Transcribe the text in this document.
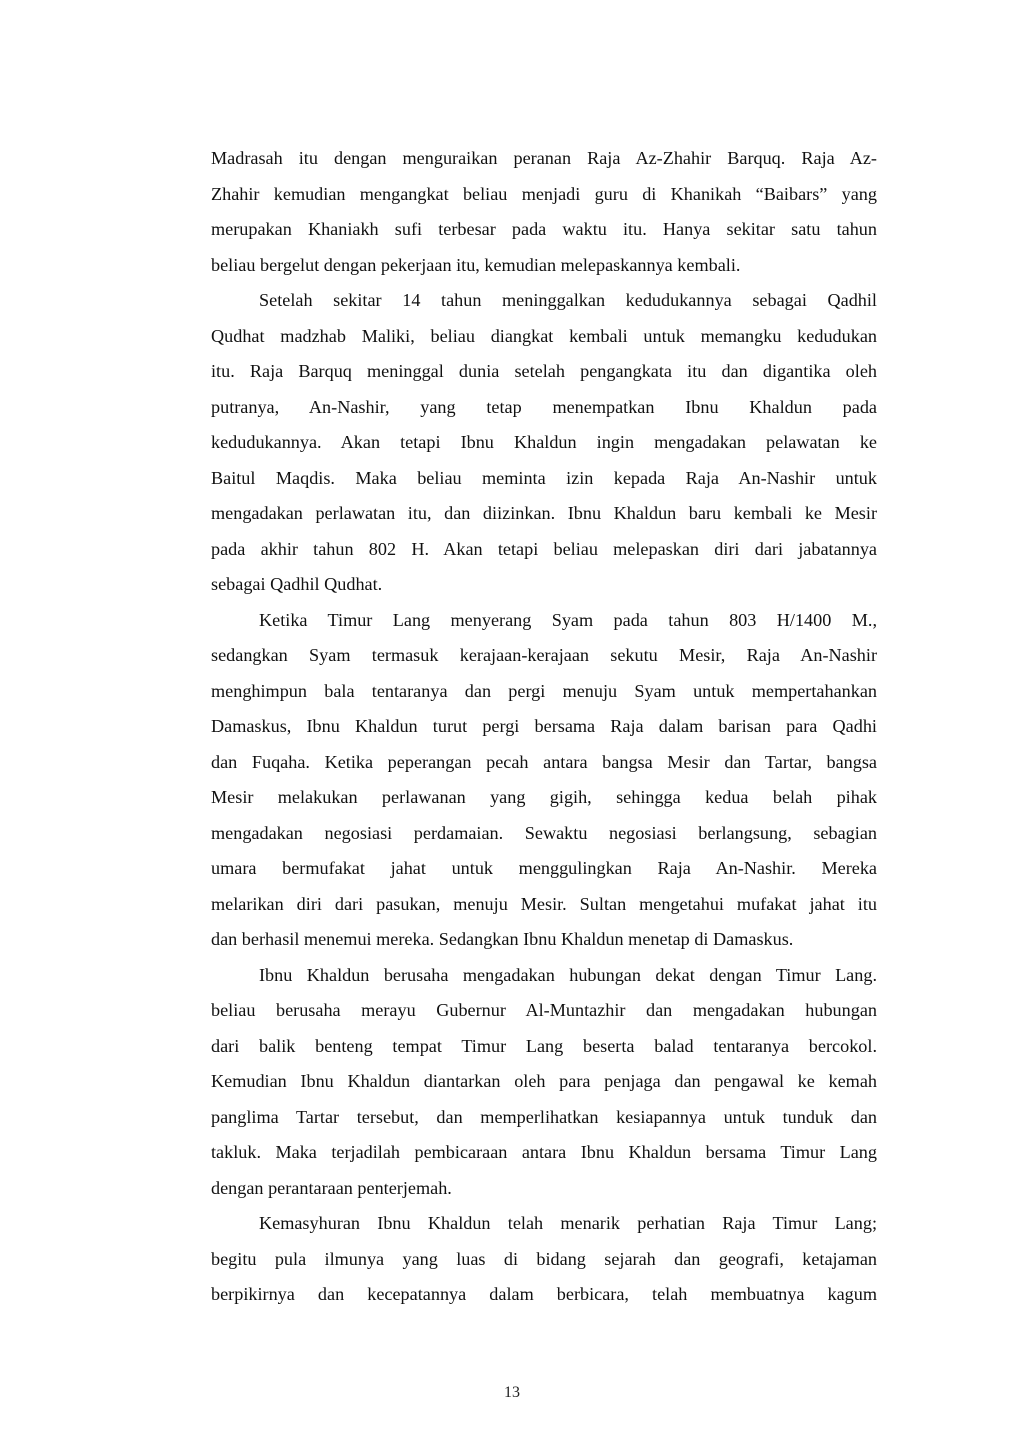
Madrasah itu dengan menguraikan peranan Raja Az-Zhahir Barquq. Raja Az-
Zhahir kemudian mengangkat beliau menjadi guru di Khanikah “Baibars” yang
merupakan Khaniakh sufi terbesar pada waktu itu. Hanya sekitar satu tahun
beliau bergelut dengan pekerjaan itu, kemudian melepaskannya kembali.
Setelah sekitar 14 tahun meninggalkan kedudukannya sebagai Qadhil
Qudhat madzhab Maliki, beliau diangkat kembali untuk memangku kedudukan
itu. Raja Barquq meninggal dunia setelah pengangkata itu dan digantika oleh
putranya, An-Nashir, yang tetap menempatkan Ibnu Khaldun pada
kedudukannya. Akan tetapi Ibnu Khaldun ingin mengadakan pelawatan ke
Baitul Maqdis. Maka beliau meminta izin kepada Raja An-Nashir untuk
mengadakan perlawatan itu, dan diizinkan. Ibnu Khaldun baru kembali ke Mesir
pada akhir tahun 802 H. Akan tetapi beliau melepaskan diri dari jabatannya
sebagai Qadhil Qudhat.
Ketika Timur Lang menyerang Syam pada tahun 803 H/1400 M.,
sedangkan Syam termasuk kerajaan-kerajaan sekutu Mesir, Raja An-Nashir
menghimpun bala tentaranya dan pergi menuju Syam untuk mempertahankan
Damaskus, Ibnu Khaldun turut pergi bersama Raja dalam barisan para Qadhi
dan Fuqaha. Ketika peperangan pecah antara bangsa Mesir dan Tartar, bangsa
Mesir melakukan perlawanan yang gigih, sehingga kedua belah pihak
mengadakan negosiasi perdamaian. Sewaktu negosiasi berlangsung, sebagian
umara bermufakat jahat untuk menggulingkan Raja An-Nashir. Mereka
melarikan diri dari pasukan, menuju Mesir. Sultan mengetahui mufakat jahat itu
dan berhasil menemui mereka. Sedangkan Ibnu Khaldun menetap di Damaskus.
Ibnu Khaldun berusaha mengadakan hubungan dekat dengan Timur Lang.
beliau berusaha merayu Gubernur Al-Muntazhir dan mengadakan hubungan
dari balik benteng tempat Timur Lang beserta balad tentaranya bercokol.
Kemudian Ibnu Khaldun diantarkan oleh para penjaga dan pengawal ke kemah
panglima Tartar tersebut, dan memperlihatkan kesiapannya untuk tunduk dan
takluk. Maka terjadilah pembicaraan antara Ibnu Khaldun bersama Timur Lang
dengan perantaraan penterjemah.
Kemasyhuran Ibnu Khaldun telah menarik perhatian Raja Timur Lang;
begitu pula ilmunya yang luas di bidang sejarah dan geografi, ketajaman
berpikirnya dan kecepatannya dalam berbicara, telah membuatnya kagum
13
